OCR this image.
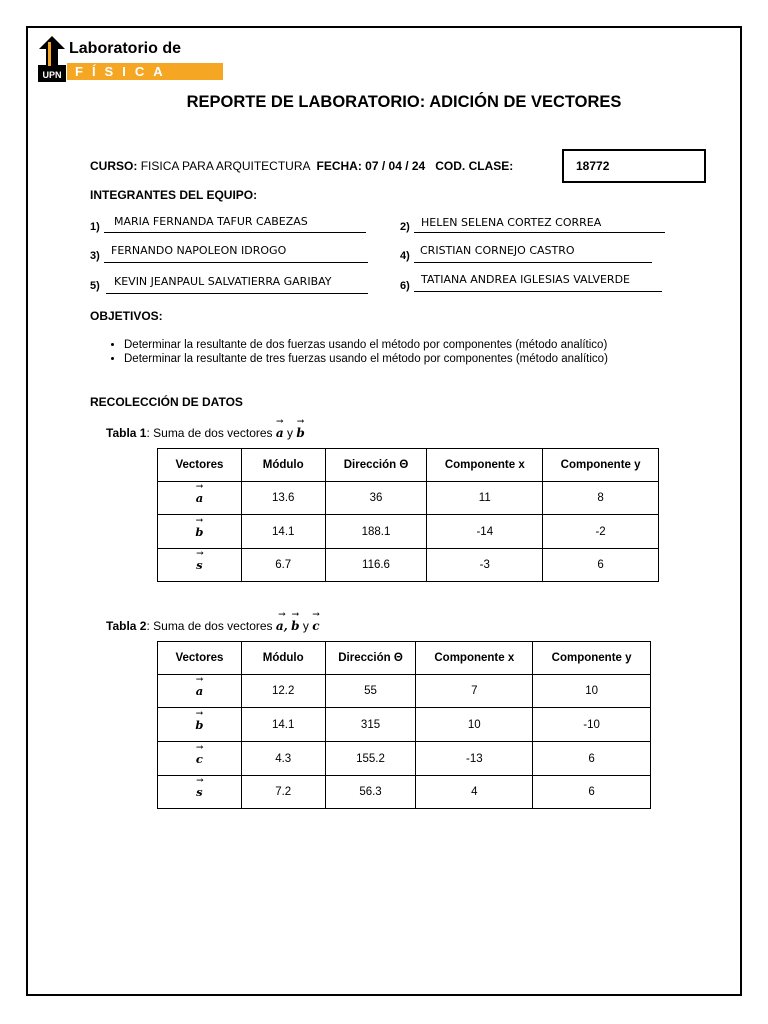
UPN
Laboratorio de
FÍSICA
REPORTE DE LABORATORIO: ADICIÓN DE VECTORES
CURSO: FISICA PARA ARQUITECTURA FECHA: 07 / 04 / 24 COD. CLASE:	18772
INTEGRANTES DEL EQUIPO:
1) MARIA FERNANDA TAFUR CABEZAS	2) HELEN SELENA CORTEZ CORREA
3) FERNANDO NAPOLEON IDROGO	4) CRISTIAN CORNEJO CASTRO
5) KEVIN JEANPAUL SALVATIERRA GARIBAY	6) TATIANA ANDREA IGLESIAS VALVERDE
OBJETIVOS:
• Determinar la resultante de dos fuerzas usando el método por componentes (método analítico)
• Determinar la resultante de tres fuerzas usando el método por componentes (método analítico)
RECOLECCIÓN DE DATOS
Tabla 1: Suma de dos vectores
→
a y
→
b
Vectores	Módulo	Dirección Θ	Componente x	Componente y

→
a	13.6	36	11	8

→
b	14.1	188.1	-14	-2

→
s	6.7	116.6	-3	6
Tabla 2: Suma de dos vectores
→
a,
→
b y
→
c
Vectores	Módulo	Dirección Θ	Componente x	Componente y

→
a	12.2	55	7	10

→
b	14.1	315	10	-10

→
c	4.3	155.2	-13	6

→
s	7.2	56.3	4	6
